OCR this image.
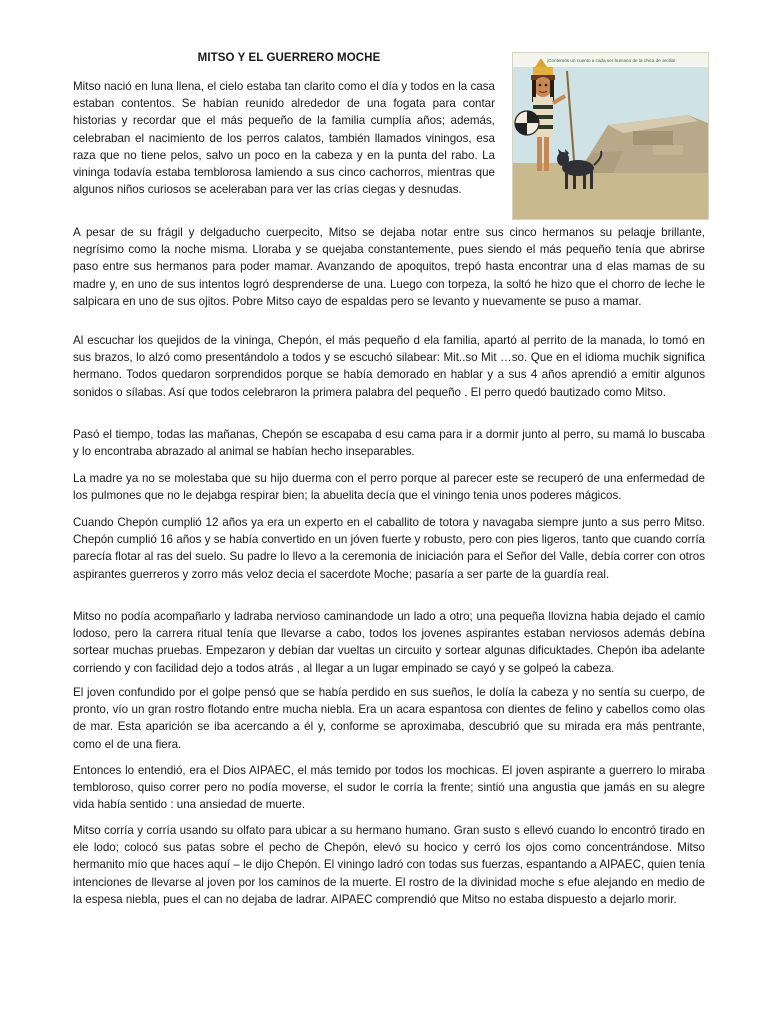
MITSO Y EL GUERRERO MOCHE	¡Contemos un cuento a cada ser humano de la chica de arcilla!

Mitso nació en luna llena, el cielo estaba tan clarito como el día y todos en la casa estaban contentos. Se habían reunido alrededor de una fogata para contar historias y recordar que el más pequeño de la familia cumplía años; además, celebraban el nacimiento de los perros calatos, también llamados viningos, esa raza que no tiene pelos, salvo un poco en la cabeza y en la punta del rabo. La vininga todavía estaba temblorosa lamiendo a sus cinco cachorros, mientras que algunos niños curiosos se aceleraban para ver las crías ciegas y desnudas.

A pesar de su frágil y delgaducho cuerpecito, Mitso se dejaba notar entre sus cinco hermanos su pelaqje brillante, negrísimo como la noche misma. Lloraba y se quejaba constantemente, pues siendo el más pequeño tenía que abrirse paso entre sus hermanos para poder mamar. Avanzando de apoquitos, trepó hasta encontrar una d elas mamas de su madre y, en uno de sus intentos logró desprenderse de una. Luego con torpeza, la soltó he hizo que el chorro de leche le salpicara en uno de sus ojitos. Pobre Mitso cayo de espaldas pero se levanto y nuevamente se puso a mamar.

Al escuchar los quejidos de la vininga, Chepón, el más pequeño d ela familia, apartó al perrito de la manada, lo tomó en sus brazos, lo alzó como presentándolo a todos y se escuchó silabear: Mit..so Mit …so. Que en el idioma muchik significa hermano. Todos quedaron sorprendidos porque se había demorado en hablar y a sus 4 años aprendió a emitir algunos sonidos o sílabas. Así que todos celebraron la primera palabra del pequeño . El perro quedó bautizado como Mitso.

Pasó el tiempo, todas las mañanas, Chepón se escapaba d esu cama para ir a dormir junto al perro, su mamá lo buscaba y lo encontraba abrazado al animal se habían hecho inseparables.

La madre ya no se molestaba que su hijo duerma con el perro porque al parecer este se recuperó de una enfermedad de los pulmones que no le dejabga respirar bien; la abuelita decía que el viningo tenia unos poderes mágicos.

Cuando Chepón cumplió 12 años ya era un experto en el caballito de totora y navagaba siempre junto a sus perro Mitso. Chepón cumplió 16 años y se había convertido en un jóven fuerte y robusto, pero con pies ligeros, tanto que cuando corría parecía flotar al ras del suelo. Su padre lo llevo a la ceremonia de iniciación para el Señor del Valle, debía correr con otros aspirantes guerreros y zorro más veloz decia el sacerdote Moche; pasaría a ser parte de la guardía real.

Mitso no podía acompañarlo y ladraba nervioso caminandode un lado a otro; una pequeña llovizna habia dejado el camio lodoso, pero la carrera ritual tenía que llevarse a cabo, todos los jovenes aspirantes estaban nerviosos además debína sortear muchas pruebas. Empezaron y debían dar vueltas un circuito y sortear algunas dificuktades. Chepón iba adelante corriendo y con facilidad dejo a todos atrás , al llegar a un lugar empinado se cayó y se golpeó la cabeza.

El joven confundido por el golpe pensó que se había perdido en sus sueños, le dolía la cabeza y no sentía su cuerpo, de pronto, vío un gran rostro flotando entre mucha niebla. Era un acara espantosa con dientes de felino y cabellos como olas de mar. Esta aparición se iba acercando a él y, conforme se aproximaba, descubrió que su mirada era más pentrante, como el de una fiera.

Entonces lo entendió, era el Dios AIPAEC, el más temido por todos los mochicas. El joven aspirante a guerrero lo miraba tembloroso, quiso correr pero no podía moverse, el sudor le corría la frente; sintió una angustia que jamás en su alegre vida había sentido : una ansiedad de muerte.

Mitso corría y corría usando su olfato para ubicar a su hermano humano. Gran susto s ellevó cuando lo encontró tirado en ele lodo; colocó sus patas sobre el pecho de Chepón, elevó su hocico y cerró los ojos como concentrándose. Mitso hermanito mío que haces aquí – le dijo Chepón. El viningo ladró con todas sus fuerzas, espantando a AIPAEC, quien tenía intenciones de llevarse al joven por los caminos de la muerte. El rostro de la divinidad moche s efue alejando en medio de la espesa niebla, pues el can no dejaba de ladrar. AIPAEC comprendió que Mitso no estaba dispuesto a dejarlo morir.
